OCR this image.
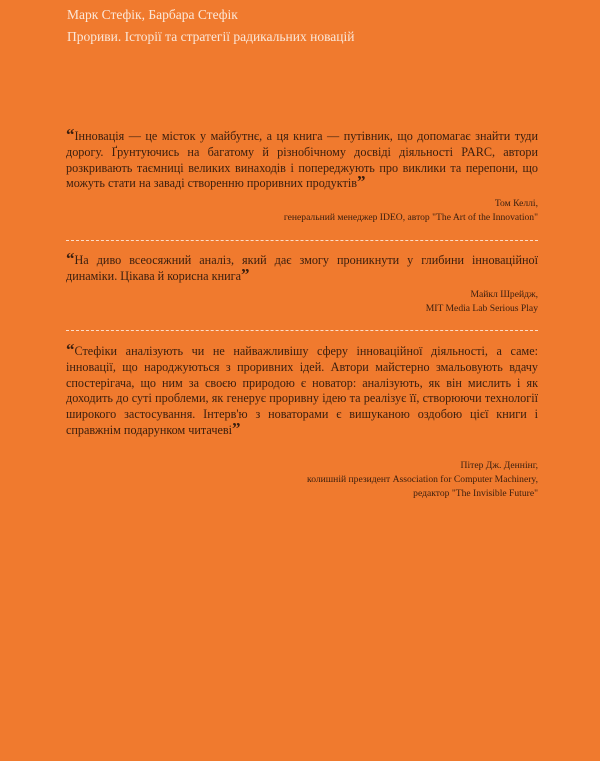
Марк Стефік, Барбара Стефік
Прориви. Історії та стратегії радикальних новацій
“Інновація — це місток у майбутнє, а ця книга — путівник, що допомагає знайти туди дорогу. Ґрунтуючись на багатому й різнобічному досвіді діяльності PARC, автори розкривають таємниці великих винаходів і попереджують про виклики та перепони, що можуть стати на заваді створенню проривних продуктів”
Том Келлі,
генеральний менеджер IDEO, автор "The Art of the Innovation"
“На диво всеосяжний аналіз, який дає змогу проникнути у глибини інноваційної динаміки. Цікава й корисна книга”
Майкл Шрейдж,
MIT Media Lab Serious Play
“Стефіки аналізують чи не найважливішу сферу інноваційної діяльності, а саме: інновації, що народжуються з проривних ідей. Автори майстерно змальовують вдачу спостерігача, що ним за своєю природою є новатор: аналізують, як він мислить і як доходить до суті проблеми, як генерує проривну ідею та реалізує її, створюючи технології широкого застосування. Інтерв'ю з новаторами є вишуканою оздобою цієї книги і справжнім подарунком читачеві”
Пітер Дж. Деннінг,
колишній президент Association for Computer Machinery,
редактор "The Invisible Future"
